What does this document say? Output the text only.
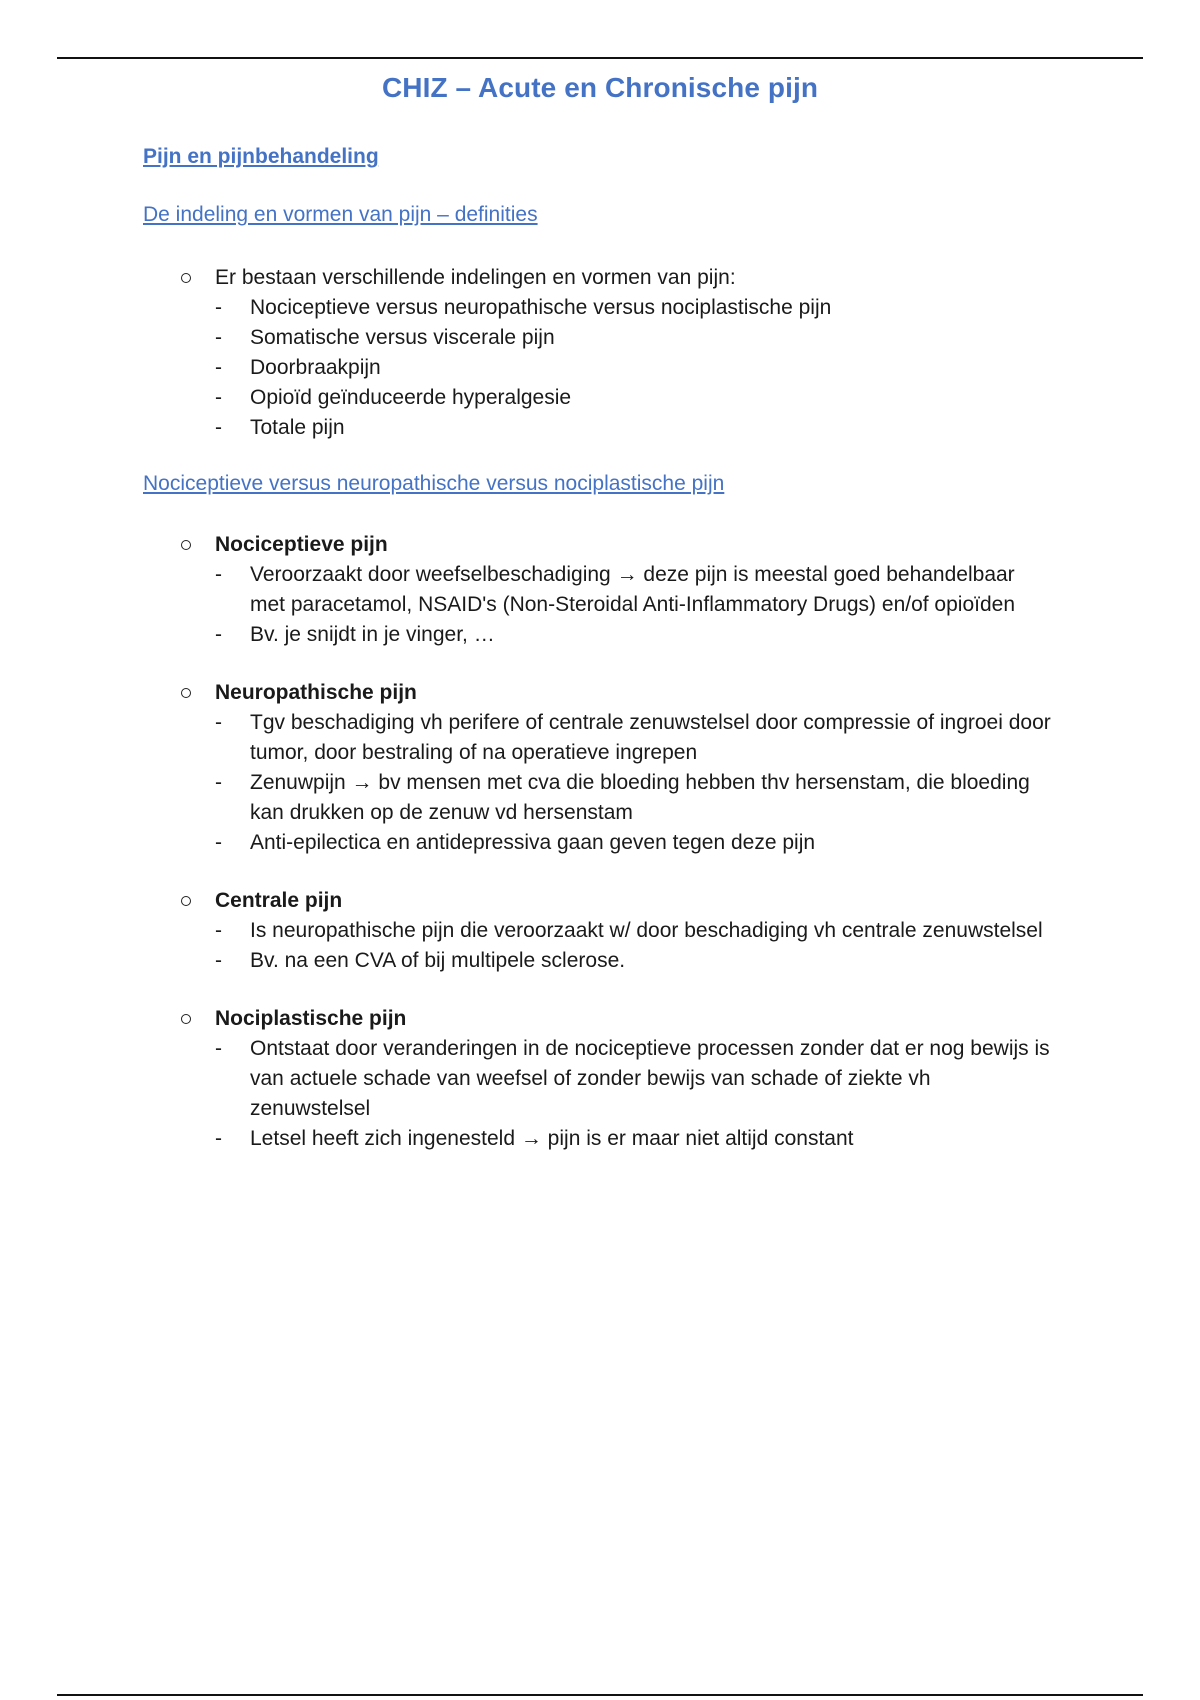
CHIZ – Acute en Chronische pijn
Pijn en pijnbehandeling
De indeling en vormen van pijn – definities
Er bestaan verschillende indelingen en vormen van pijn:
- Nociceptieve versus neuropathische versus nociplastische pijn
- Somatische versus viscerale pijn
- Doorbraakpijn
- Opioïd geïnduceerde hyperalgesie
- Totale pijn
Nociceptieve versus neuropathische versus nociplastische pijn
Nociceptieve pijn
- Veroorzaakt door weefselbeschadiging → deze pijn is meestal goed behandelbaar met paracetamol, NSAID's (Non-Steroidal Anti-Inflammatory Drugs) en/of opioïden
- Bv. je snijdt in je vinger, …
Neuropathische pijn
- Tgv beschadiging vh perifere of centrale zenuwstelsel door compressie of ingroei door tumor, door bestraling of na operatieve ingrepen
- Zenuwpijn → bv mensen met cva die bloeding hebben thv hersenstam, die bloeding kan drukken op de zenuw vd hersenstam
- Anti-epilectica en antidepressiva gaan geven tegen deze pijn
Centrale pijn
- Is neuropathische pijn die veroorzaakt w/ door beschadiging vh centrale zenuwstelsel
- Bv. na een CVA of bij multipele sclerose.
Nociplastische pijn
- Ontstaat door veranderingen in de nociceptieve processen zonder dat er nog bewijs is van actuele schade van weefsel of zonder bewijs van schade of ziekte vh zenuwstelsel
- Letsel heeft zich ingenesteld → pijn is er maar niet altijd constant
